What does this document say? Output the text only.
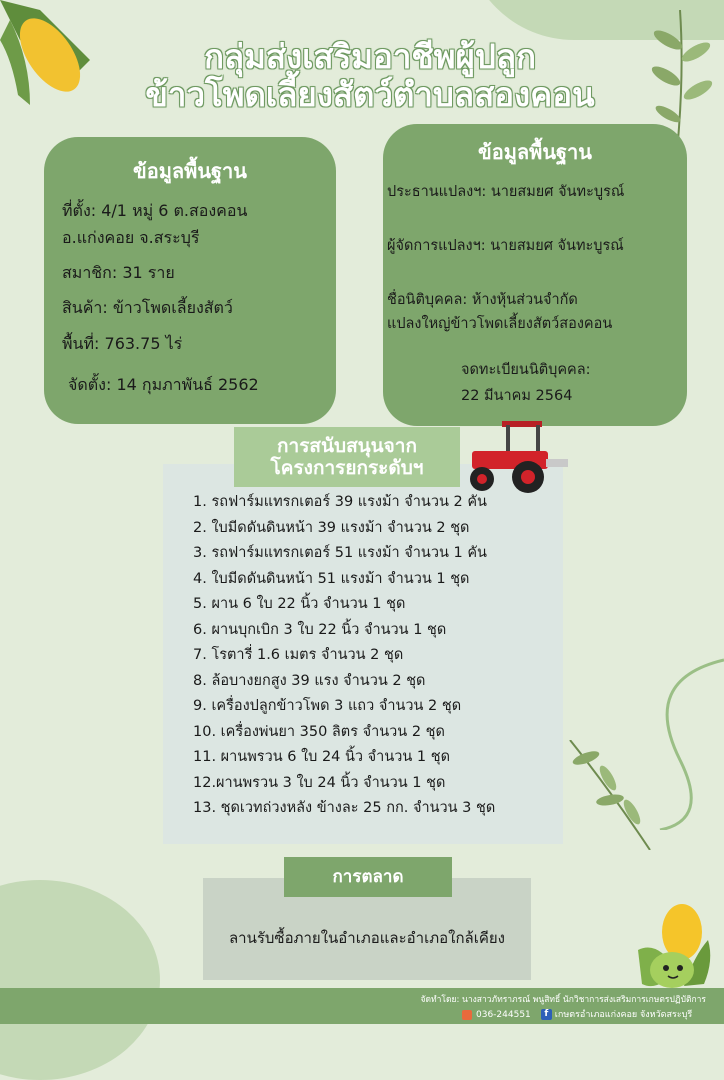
กลุ่มส่งเสริมอาชีพผู้ปลูก
ข้าวโพดเลี้ยงสัตว์ตำบลสองคอน
ข้อมูลพื้นฐาน
ที่ตั้ง: 4/1 หมู่ 6 ต.สองคอน
อ.แก่งคอย จ.สระบุรี
สมาชิก: 31 ราย
สินค้า: ข้าวโพดเลี้ยงสัตว์
พื้นที่: 763.75 ไร่
จัดตั้ง: 14 กุมภาพันธ์ 2562
ข้อมูลพื้นฐาน
ประธานแปลงฯ: นายสมยศ จันทะบูรณ์
ผู้จัดการแปลงฯ: นายสมยศ จันทะบูรณ์
ชื่อนิติบุคคล: ห้างหุ้นส่วนจำกัด
แปลงใหญ่ข้าวโพดเลี้ยงสัตว์สองคอน
จดทะเบียนนิติบุคคล:
22 มีนาคม 2564
1. รถฟาร์มแทรกเตอร์ 39 แรงม้า จำนวน 2 คัน
2. ใบมีดดันดินหน้า 39 แรงม้า จำนวน 2 ชุด
3. รถฟาร์มแทรกเตอร์ 51 แรงม้า จำนวน 1 คัน
4. ใบมีดดันดินหน้า 51 แรงม้า จำนวน 1 ชุด
5. ผาน 6 ใบ 22 นิ้ว จำนวน 1 ชุด
6. ผานบุกเบิก 3 ใบ 22 นิ้ว จำนวน 1 ชุด
7. โรตารี่ 1.6 เมตร จำนวน 2 ชุด
8. ล้อบางยกสูง 39 แรง จำนวน 2 ชุด
9. เครื่องปลูกข้าวโพด 3 แถว จำนวน 2 ชุด
10. เครื่องพ่นยา 350 ลิตร จำนวน 2 ชุด
11. ผานพรวน 6 ใบ 24 นิ้ว จำนวน 1 ชุด
12.ผานพรวน 3 ใบ 24 นิ้ว จำนวน 1 ชุด
13. ชุดเวทถ่วงหลัง ข้างละ 25 กก. จำนวน 3 ชุด
การสนับสนุนจาก
โครงการยกระดับฯ
ลานรับซื้อภายในอำเภอและอำเภอใกล้เคียง
การตลาด
จัดทำโดย: นางสาวภัทราภรณ์ พนูสิทธิ์ นักวิชาการส่งเสริมการเกษตรปฏิบัติการ
036-244551 f เกษตรอำเภอแก่งคอย จังหวัดสระบุรี
